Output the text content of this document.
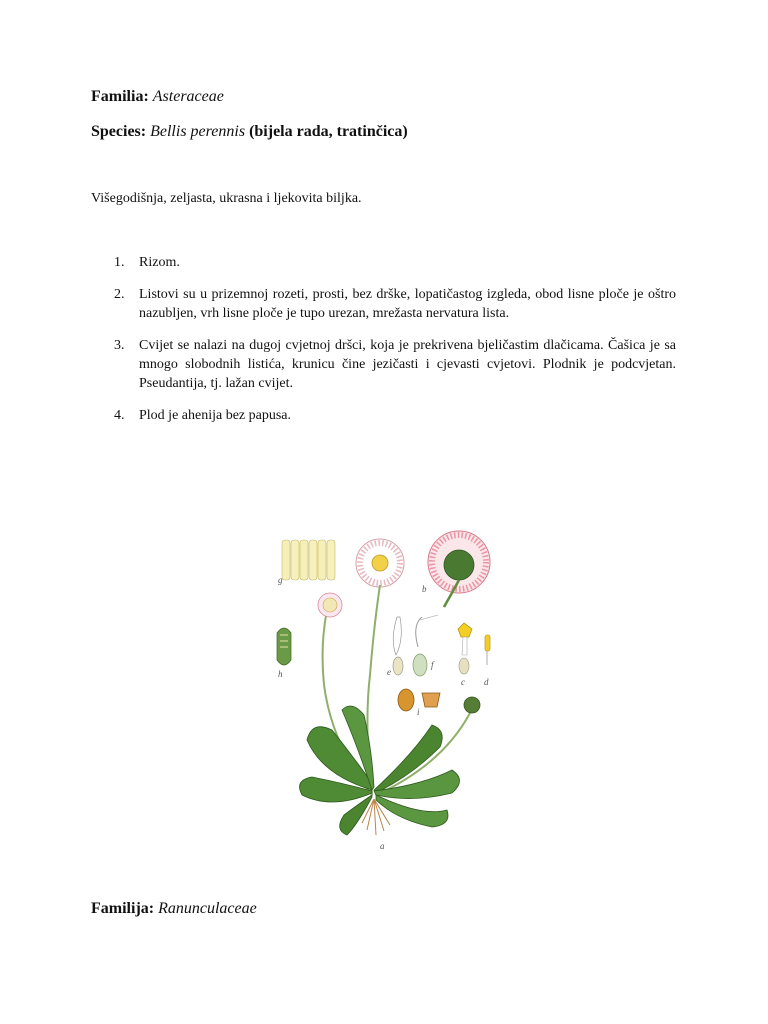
Familia: Asteraceae
Species: Bellis perennis (bijela rada, tratinčica)
Višegodišnja, zeljasta, ukrasna i ljekovita biljka.
1. Rizom.
2. Listovi su u prizemnoj rozeti, prosti, bez drške, lopatičastog izgleda, obod lisne ploče je oštro nazubljen, vrh lisne ploče je tupo urezan, mrežasta nervatura lista.
3. Cvijet se nalazi na dugoj cvjetnoj dršci, koja je prekrivena bjeličastim dlačicama. Čašica je sa mnogo slobodnih listića, krunicu čine jezičasti i cjevasti cvjetovi. Plodnik je podcvjetan. Pseudantija, tj. lažan cvijet.
4. Plod je ahenija bez papusa.
g
b
h	e
f
c d
i
a
Familija: Ranunculaceae
